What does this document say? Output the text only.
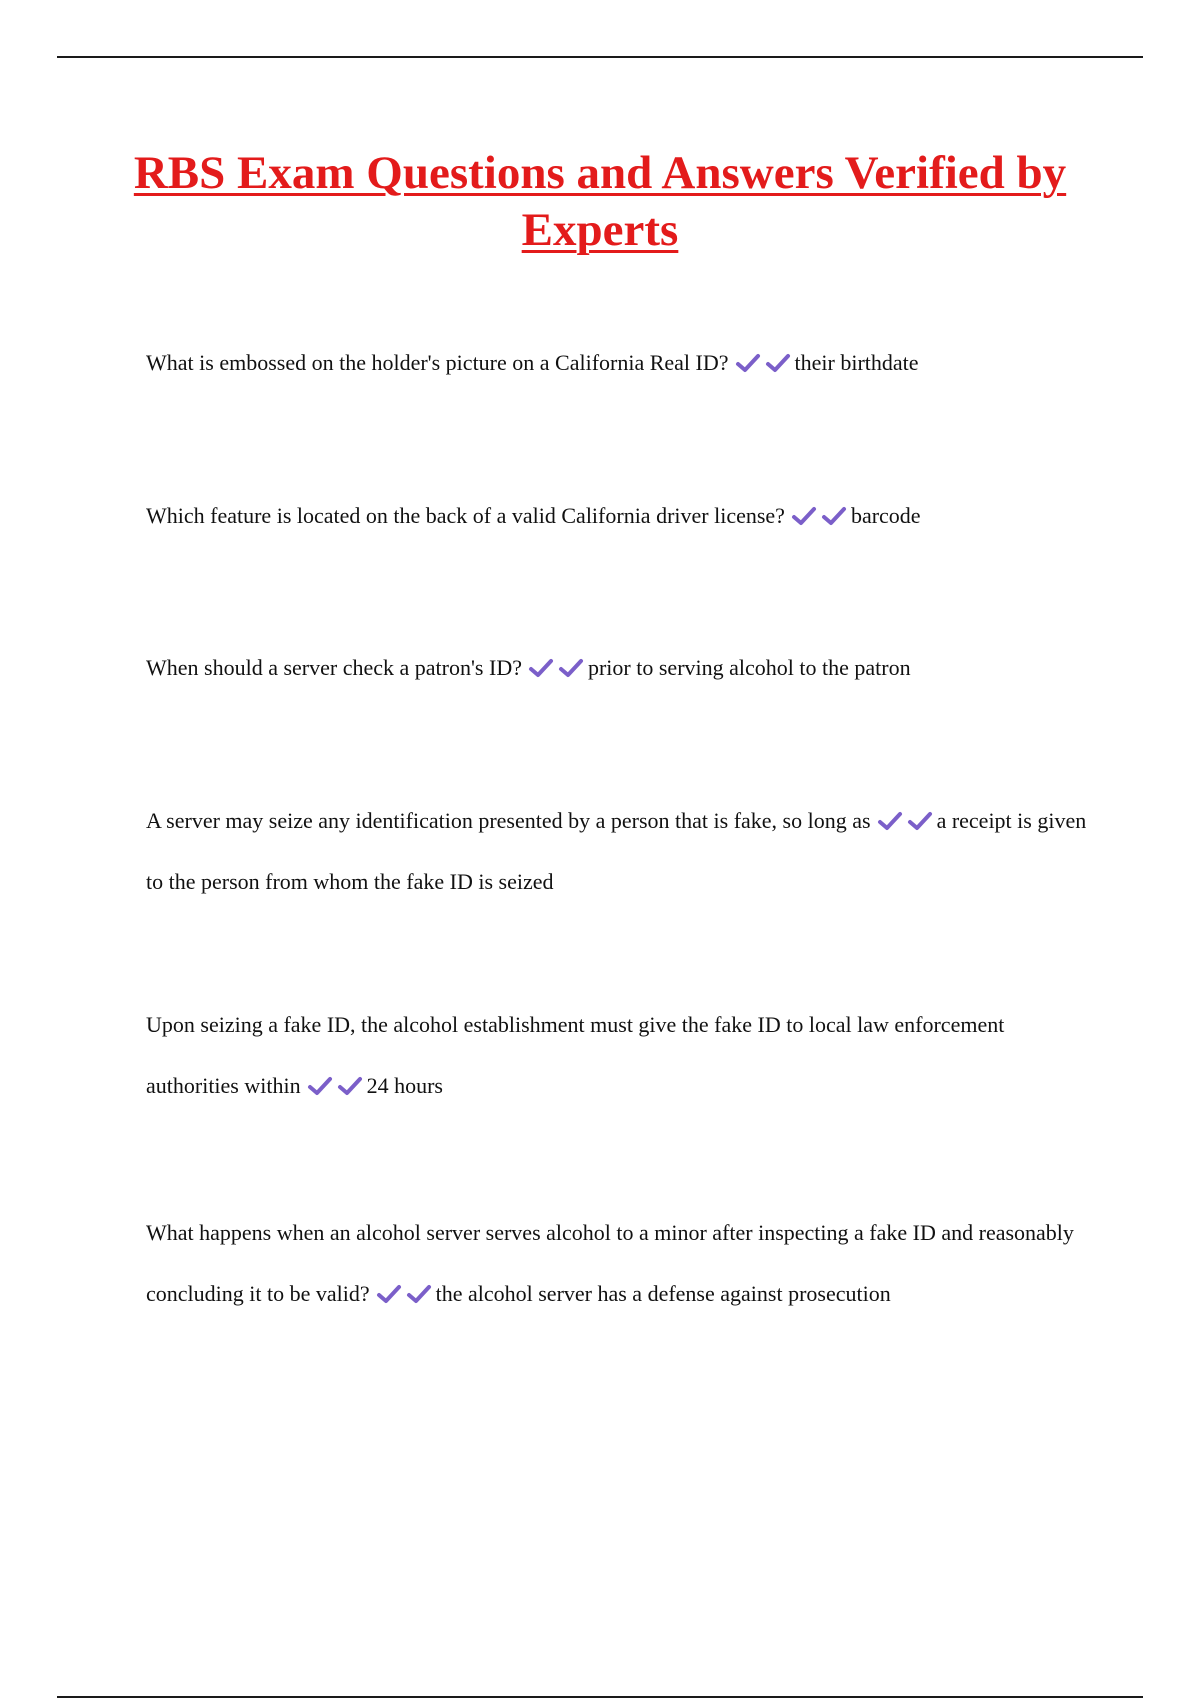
RBS Exam Questions and Answers Verified by Experts

What is embossed on the holder's picture on a California Real ID?	their birthdate

Which feature is located on the back of a valid California driver license?	barcode

When should a server check a patron's ID?	prior to serving alcohol to the patron

A server may seize any identification presented by a person that is fake, so long as	a receipt is given to the person from whom the fake ID is seized

Upon seizing a fake ID, the alcohol establishment must give the fake ID to local law enforcement authorities within	24 hours

What happens when an alcohol server serves alcohol to a minor after inspecting a fake ID and reasonably concluding it to be valid?	the alcohol server has a defense against prosecution
